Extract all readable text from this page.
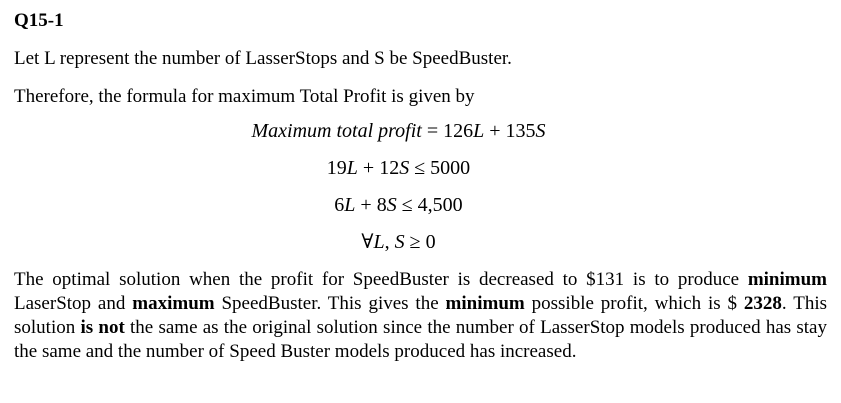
Q15-1

Let L represent the number of LasserStops and S be SpeedBuster.

Therefore, the formula for maximum Total Profit is given by

Maximum total profit = 126L + 135S
19L + 12S ≤ 5000
6L + 8S ≤ 4,500
∀L, S ≥ 0

The optimal solution when the profit for SpeedBuster is decreased to $131 is to produce minimum LaserStop and maximum SpeedBuster. This gives the minimum possible profit, which is $ 2328. This solution is not the same as the original solution since the number of LasserStop models produced has stay the same and the number of Speed Buster models produced has increased.
